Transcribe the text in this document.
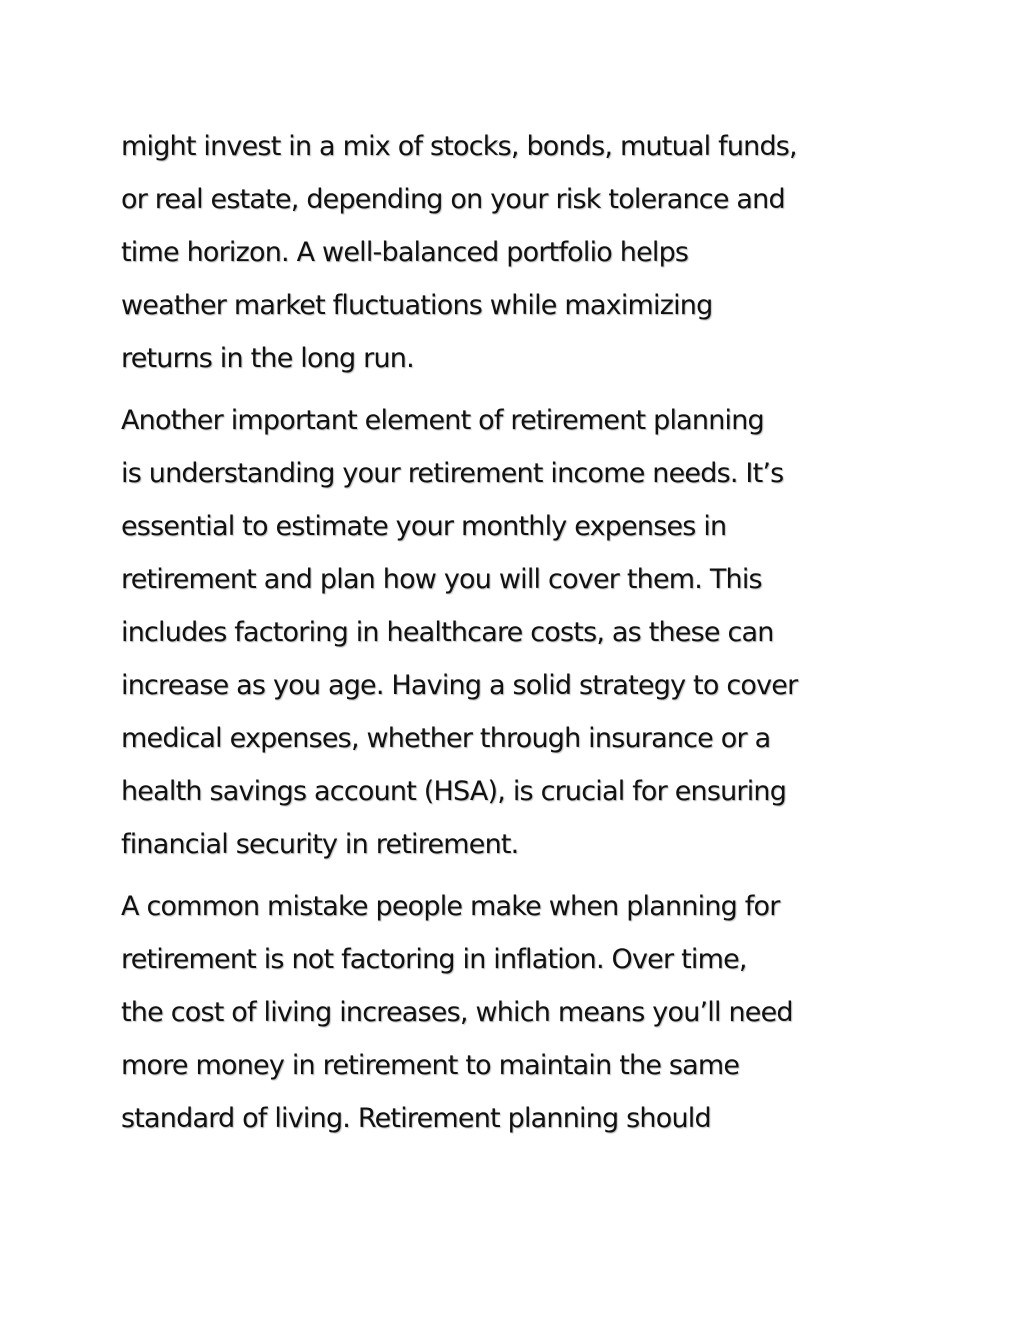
might invest in a mix of stocks, bonds, mutual funds,
or real estate, depending on your risk tolerance and
time horizon. A well-balanced portfolio helps
weather market fluctuations while maximizing
returns in the long run.

Another important element of retirement planning
is understanding your retirement income needs. It’s
essential to estimate your monthly expenses in
retirement and plan how you will cover them. This
includes factoring in healthcare costs, as these can
increase as you age. Having a solid strategy to cover
medical expenses, whether through insurance or a
health savings account (HSA), is crucial for ensuring
financial security in retirement.

A common mistake people make when planning for
retirement is not factoring in inflation. Over time,
the cost of living increases, which means you’ll need
more money in retirement to maintain the same
standard of living. Retirement planning should
